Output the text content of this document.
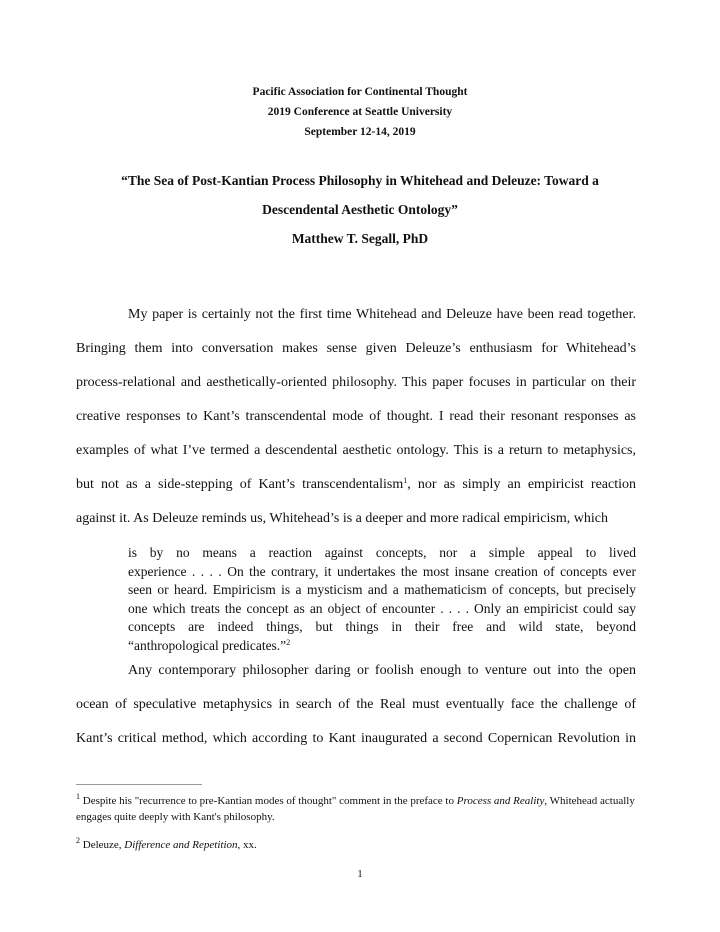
Pacific Association for Continental Thought
2019 Conference at Seattle University
September 12-14, 2019
“The Sea of Post-Kantian Process Philosophy in Whitehead and Deleuze: Toward a
Descendental Aesthetic Ontology”
Matthew T. Segall, PhD
My paper is certainly not the first time Whitehead and Deleuze have been read together.
Bringing them into conversation makes sense given Deleuze’s enthusiasm for Whitehead’s
process-relational and aesthetically-oriented philosophy. This paper focuses in particular on their
creative responses to Kant’s transcendental mode of thought. I read their resonant responses as
examples of what I’ve termed a descendental aesthetic ontology. This is a return to metaphysics,
but not as a side-stepping of Kant’s transcendentalism$^1$, nor as simply an empiricist reaction
against it. As Deleuze reminds us, Whitehead’s is a deeper and more radical empiricism, which
is by no means a reaction against concepts, nor a simple appeal to lived
experience . . . . On the contrary, it undertakes the most insane creation of concepts ever
seen or heard. Empiricism is a mysticism and a mathematicism of concepts, but precisely
one which treats the concept as an object of encounter . . . . Only an empiricist could say
concepts are indeed things, but things in their free and wild state, beyond
“anthropological predicates.”$^2$
Any contemporary philosopher daring or foolish enough to venture out into the open
ocean of speculative metaphysics in search of the Real must eventually face the challenge of
Kant’s critical method, which according to Kant inaugurated a second Copernican Revolution in
$^1$ Despite his "recurrence to pre-Kantian modes of thought" comment in the preface to Process and Reality, Whitehead actually engages quite deeply with Kant's philosophy.
$^2$ Deleuze, Difference and Repetition, xx.
1
